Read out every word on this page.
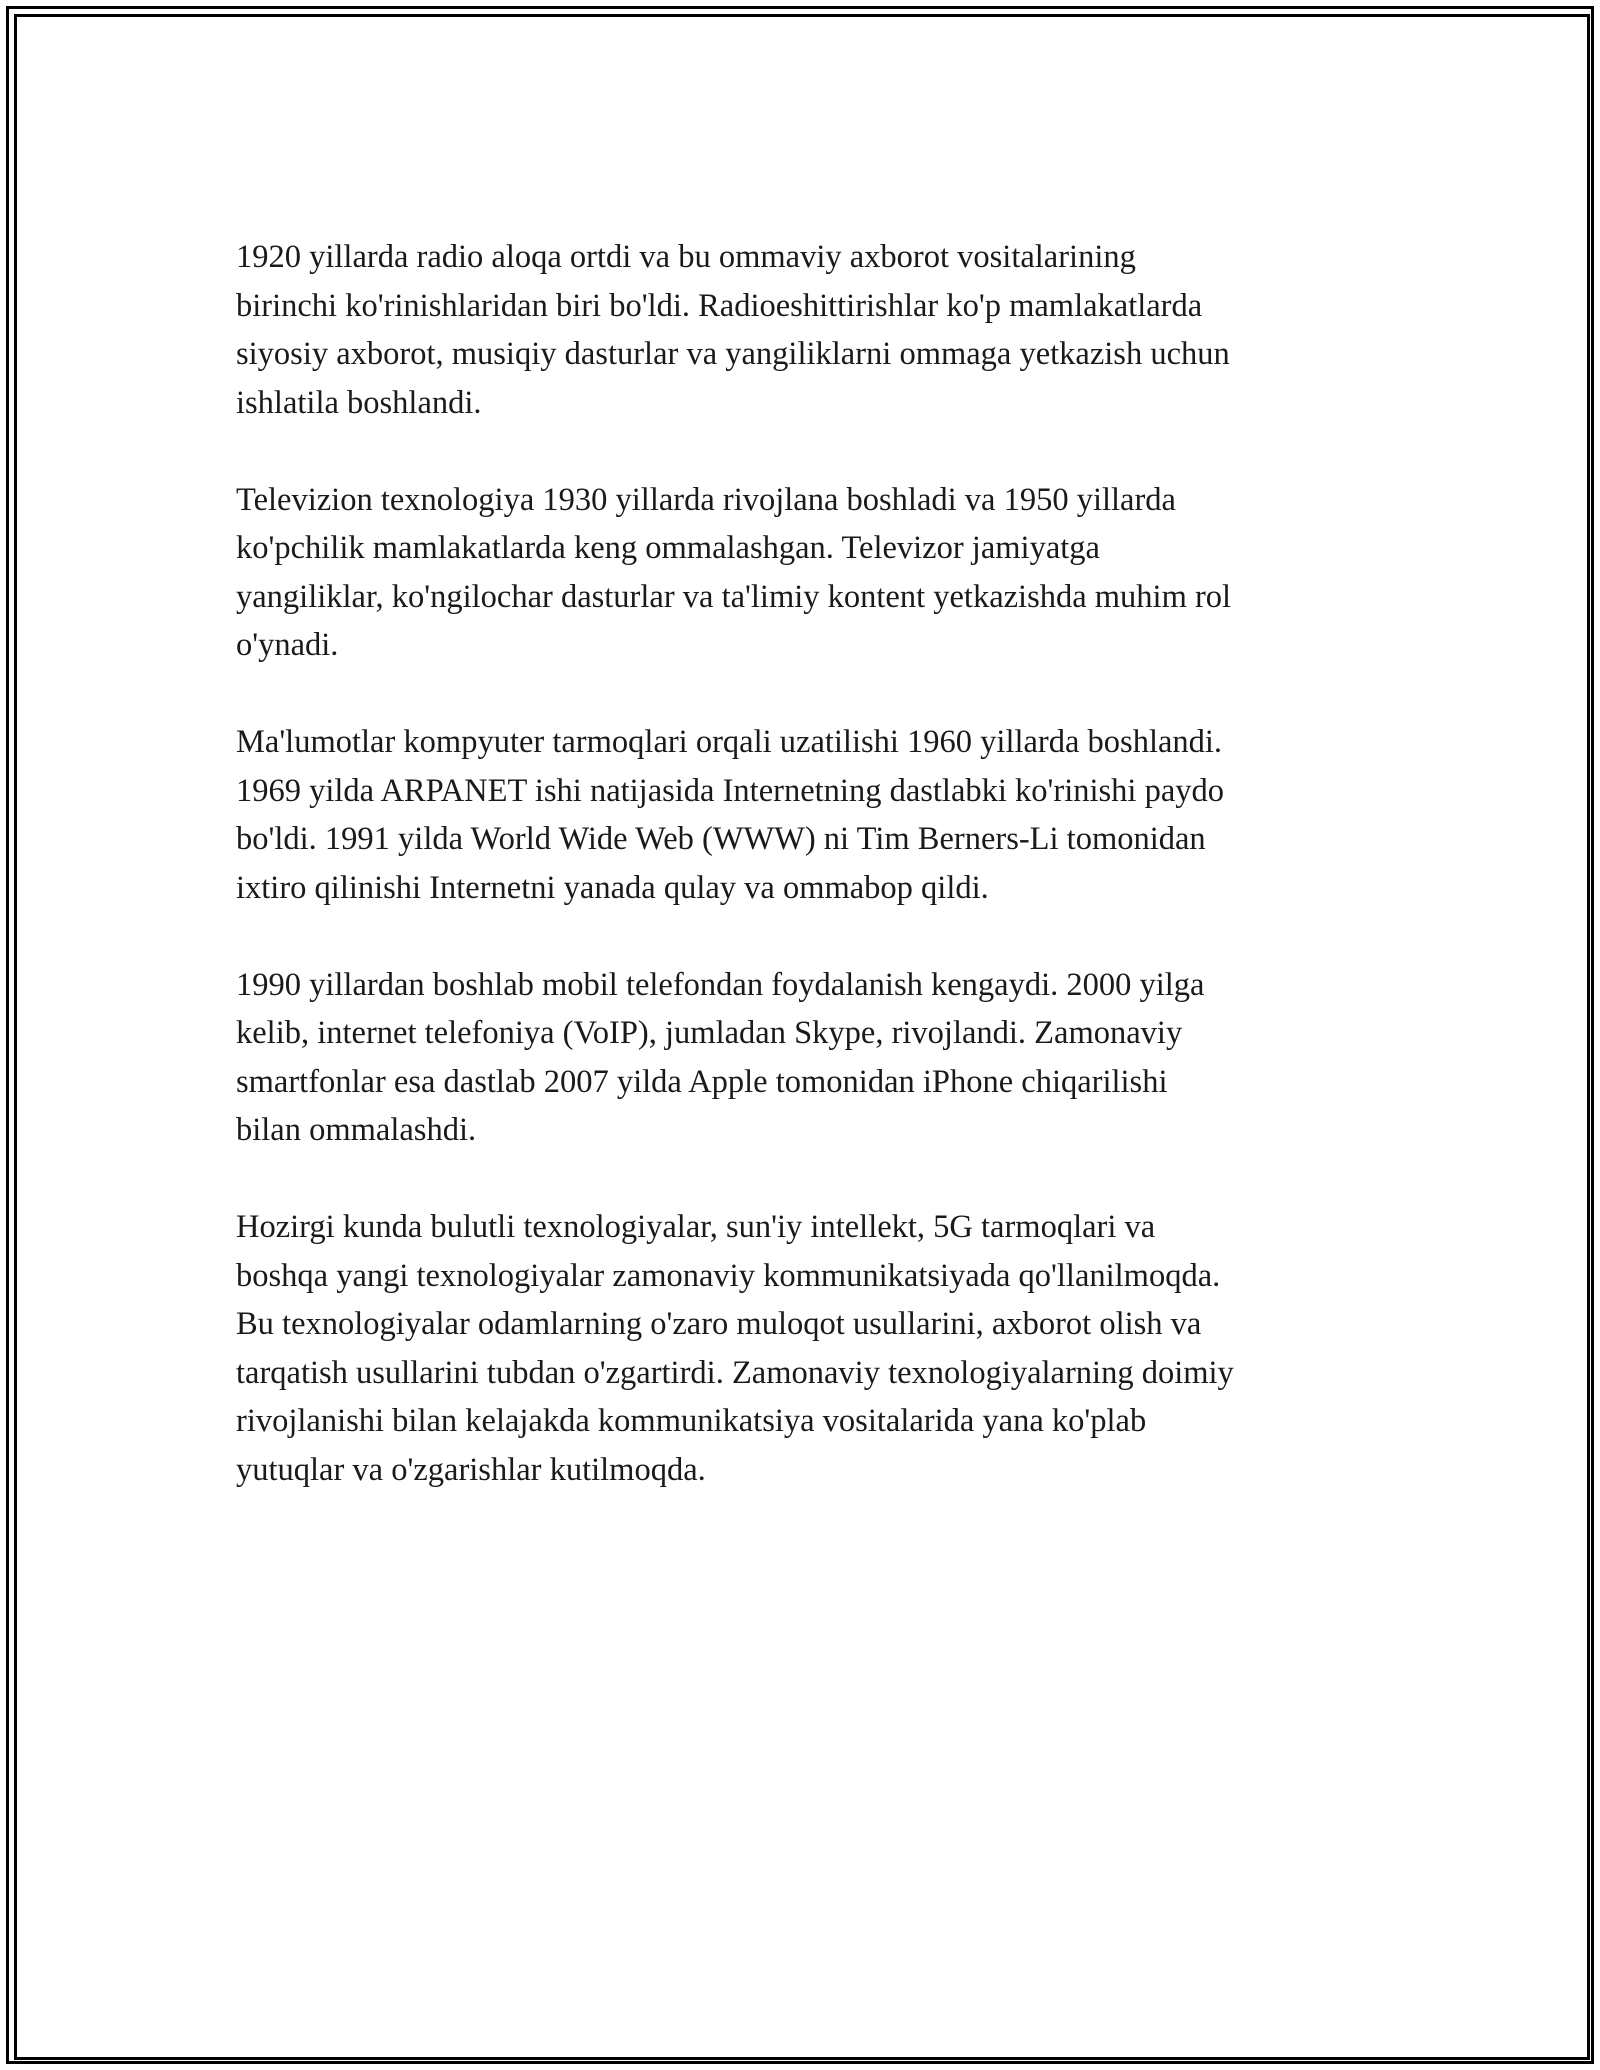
1920 yillarda radio aloqa ortdi va bu ommaviy axborot vositalarining
birinchi ko'rinishlaridan biri bo'ldi. Radioeshittirishlar ko'p mamlakatlarda
siyosiy axborot, musiqiy dasturlar va yangiliklarni ommaga yetkazish uchun
ishlatila boshlandi.

Televizion texnologiya 1930 yillarda rivojlana boshladi va 1950 yillarda
ko'pchilik mamlakatlarda keng ommalashgan. Televizor jamiyatga
yangiliklar, ko'ngilochar dasturlar va ta'limiy kontent yetkazishda muhim rol
o'ynadi.

Ma'lumotlar kompyuter tarmoqlari orqali uzatilishi 1960 yillarda boshlandi.
1969 yilda ARPANET ishi natijasida Internetning dastlabki ko'rinishi paydo
bo'ldi. 1991 yilda World Wide Web (WWW) ni Tim Berners-Li tomonidan
ixtiro qilinishi Internetni yanada qulay va ommabop qildi.

1990 yillardan boshlab mobil telefondan foydalanish kengaydi. 2000 yilga
kelib, internet telefoniya (VoIP), jumladan Skype, rivojlandi. Zamonaviy
smartfonlar esa dastlab 2007 yilda Apple tomonidan iPhone chiqarilishi
bilan ommalashdi.

Hozirgi kunda bulutli texnologiyalar, sun'iy intellekt, 5G tarmoqlari va
boshqa yangi texnologiyalar zamonaviy kommunikatsiyada qo'llanilmoqda.
Bu texnologiyalar odamlarning o'zaro muloqot usullarini, axborot olish va
tarqatish usullarini tubdan o'zgartirdi. Zamonaviy texnologiyalarning doimiy
rivojlanishi bilan kelajakda kommunikatsiya vositalarida yana ko'plab
yutuqlar va o'zgarishlar kutilmoqda.
